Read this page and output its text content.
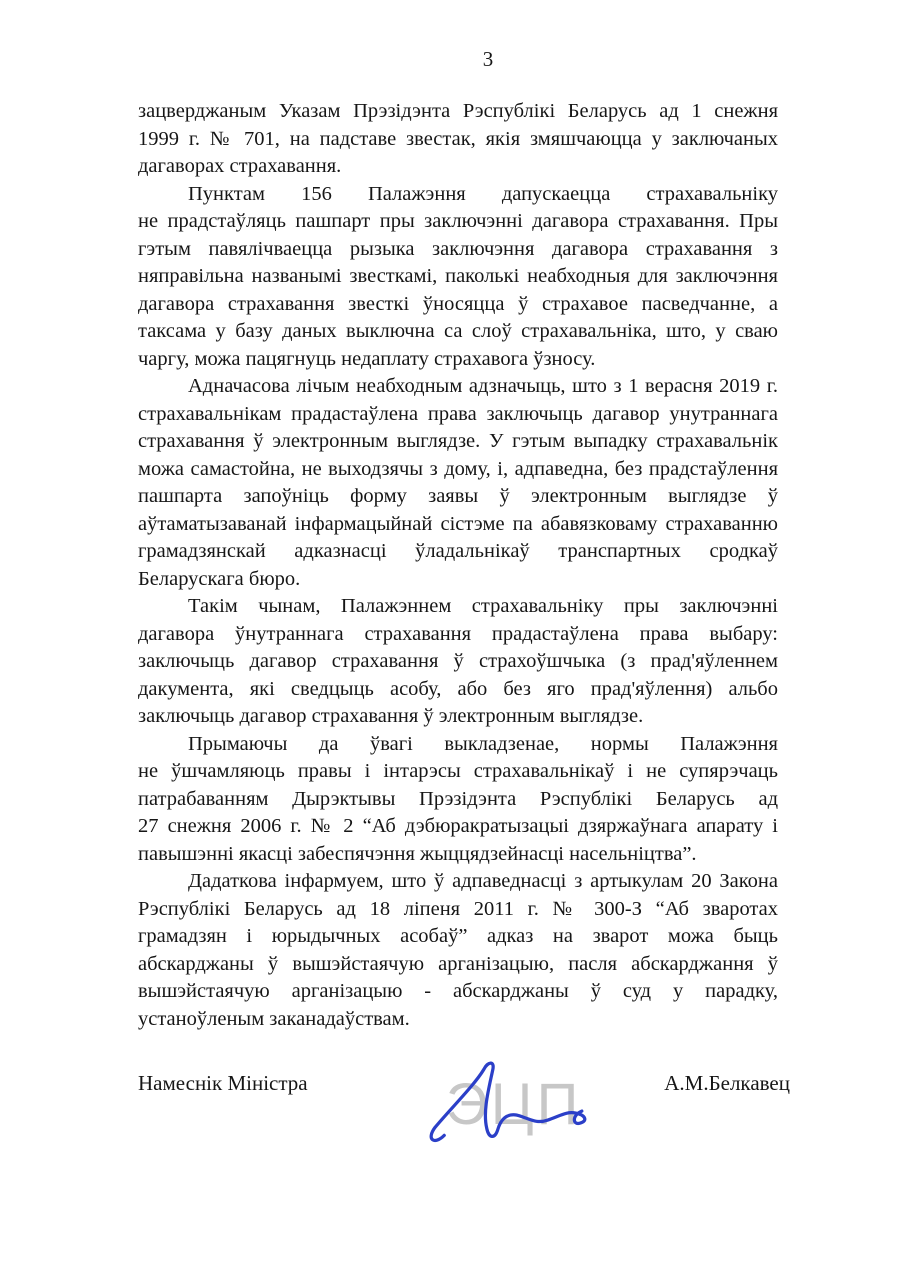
3
зацверджаным Указам Прэзідэнта Рэспублікі Беларусь ад 1 снежня
1999 г. № 701, на падставе звестак, якія змяшчаюцца у заключаных
дагаворах страхавання.
Пунктам 156 Палажэння дапускаецца страхавальніку
не прадстаўляць пашпарт пры заключэнні дагавора страхавання. Пры
гэтым павялічваецца рызыка заключэння дагавора страхавання з
няправільна названымі звесткамі, паколькі неабходныя для заключэння
дагавора страхавання звесткі ўносяцца ў страхавое пасведчанне, а
таксама у базу даных выключна са слоў страхавальніка, што, у сваю
чаргу, можа пацягнуць недаплату страхавога ўзносу.
Адначасова лічым неабходным адзначыць, што з 1 верасня 2019 г.
страхавальнікам прадастаўлена права заключыць дагавор унутраннага
страхавання ў электронным выглядзе. У гэтым выпадку страхавальнік
можа самастойна, не выходзячы з дому, і, адпаведна, без прадстаўлення
пашпарта запоўніць форму заявы ў электронным выглядзе ў
аўтаматызаванай інфармацыйнай сістэме па абавязковаму страхаванню
грамадзянскай адказнасці ўладальнікаў транспартных сродкаў
Беларускага бюро.
Такім чынам, Палажэннем страхавальніку пры заключэнні
дагавора ўнутраннага страхавання прадастаўлена права выбару:
заключыць дагавор страхавання ў страхоўшчыка (з прад'яўленнем
дакумента, які сведцыць асобу, або без яго прад'яўлення) альбо
заключыць дагавор страхавання ў электронным выглядзе.
Прымаючы да ўвагі выкладзенае, нормы Палажэння
не ўшчамляюць правы і інтарэсы страхавальнікаў і не супярэчаць
патрабаванням Дырэктывы Прэзідэнта Рэспублікі Беларусь ад
27 снежня 2006 г. № 2 “Аб дэбюракратызацыі дзяржаўнага апарату і
павышэнні якасці забеспячэння жыццядзейнасці насельніцтва”.
Дадаткова інфармуем, што ў адпаведнасці з артыкулам 20 Закона
Рэспублікі Беларусь ад 18 ліпеня 2011 г. № 300-З “Аб зваротах
грамадзян і юрыдычных асобаў” адказ на зварот можа быць
абскарджаны ў вышэйстаячую арганізацыю, пасля абскарджання ў
вышэйстаячую арганізацыю - абскарджаны ў суд у парадку,
устаноўленым заканадаўствам.
Намеснік Міністра	А.М.Белкавец
ЭЦП
